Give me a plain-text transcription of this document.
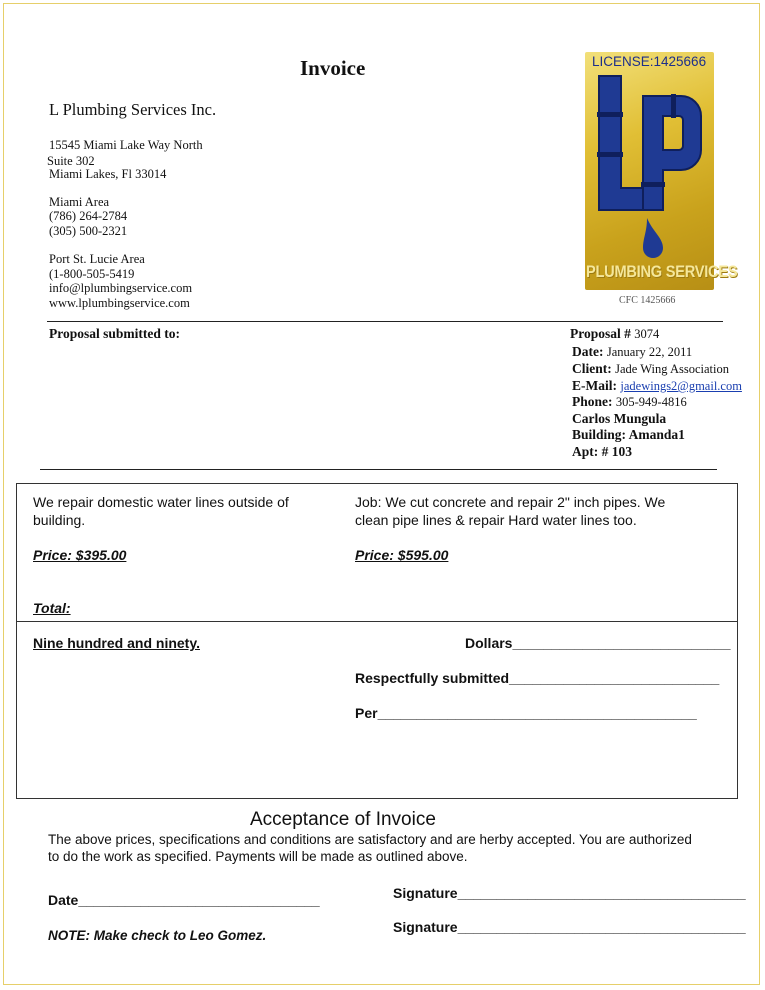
Invoice
L Plumbing Services Inc.
15545 Miami Lake Way North
Suite 302
Miami Lakes, Fl 33014
Miami Area
(786) 264-2784
(305) 500-2321
Port St. Lucie Area
(1-800-505-5419
info@lplumbingservice.com
www.lplumbingservice.com
LICENSE:1425666
PLUMBING SERVICES
CFC 1425666
Proposal submitted to:	Proposal # 3074
Date: January 22, 2011
Client: Jade Wing Association
E-Mail: jadewings2@gmail.com
Phone: 305-949-4816
Carlos Mungula
Building: Amanda1
Apt: # 103
We repair domestic water lines outside of building.
Price: $395.00
Job: We cut concrete and repair 2" inch pipes. We clean pipe lines & repair Hard water lines too.
Price: $595.00
Total:
Nine hundred and ninety.	Dollars____________________________
Respectfully submitted___________________________
Per_________________________________________
Acceptance of Invoice
The above prices, specifications and conditions are satisfactory and are herby accepted. You are authorized
to do the work as specified. Payments will be made as outlined above.
Date_______________________________	Signature_____________________________________
Signature_____________________________________
NOTE: Make check to Leo Gomez.
